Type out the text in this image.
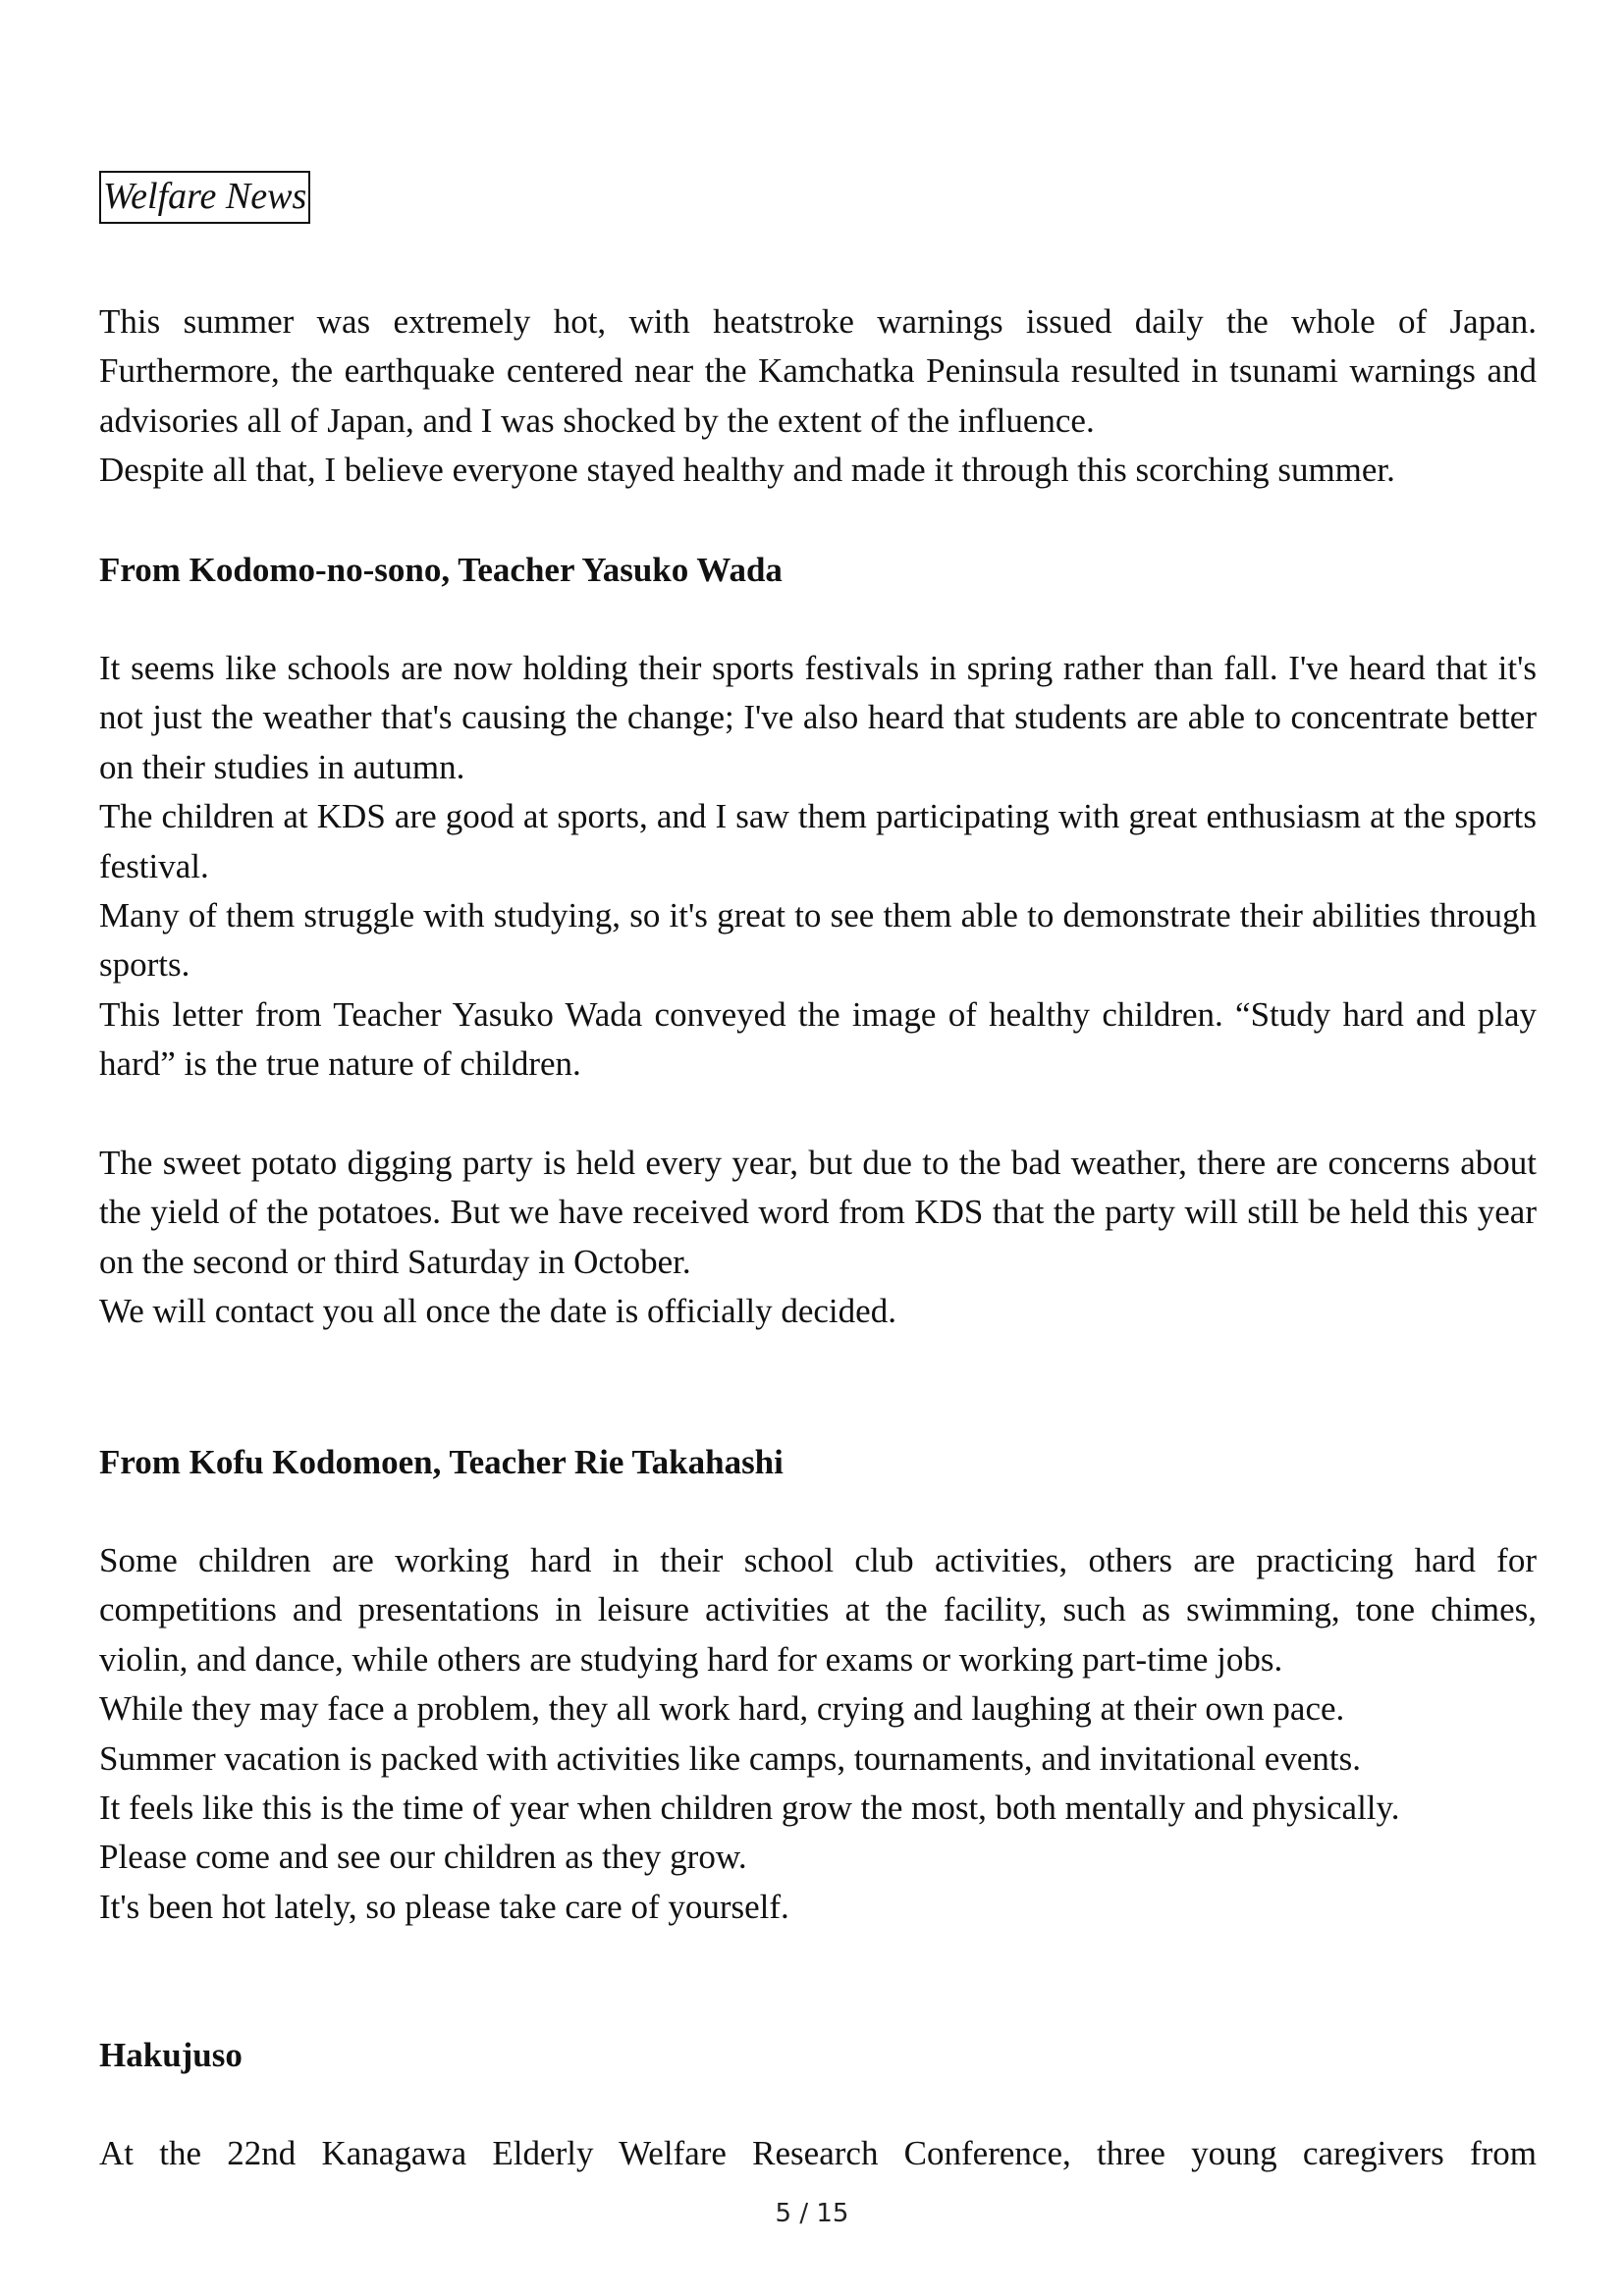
Welfare News

This summer was extremely hot, with heatstroke warnings issued daily the whole of Japan. Furthermore, the earthquake centered near the Kamchatka Peninsula resulted in tsunami warnings and advisories all of Japan, and I was shocked by the extent of the influence.

Despite all that, I believe everyone stayed healthy and made it through this scorching summer.

From Kodomo-no-sono, Teacher Yasuko Wada

It seems like schools are now holding their sports festivals in spring rather than fall. I've heard that it's not just the weather that's causing the change; I've also heard that students are able to concentrate better on their studies in autumn.

The children at KDS are good at sports, and I saw them participating with great enthusiasm at the sports festival.

Many of them struggle with studying, so it's great to see them able to demonstrate their abilities through sports.

This letter from Teacher Yasuko Wada conveyed the image of healthy children. “Study hard and play hard” is the true nature of children.

The sweet potato digging party is held every year, but due to the bad weather, there are concerns about the yield of the potatoes. But we have received word from KDS that the party will still be held this year on the second or third Saturday in October.

We will contact you all once the date is officially decided.

From Kofu Kodomoen, Teacher Rie Takahashi

Some children are working hard in their school club activities, others are practicing hard for competitions and presentations in leisure activities at the facility, such as swimming, tone chimes, violin, and dance, while others are studying hard for exams or working part-time jobs.

While they may face a problem, they all work hard, crying and laughing at their own pace.

Summer vacation is packed with activities like camps, tournaments, and invitational events.

It feels like this is the time of year when children grow the most, both mentally and physically.

Please come and see our children as they grow.

It's been hot lately, so please take care of yourself.

Hakujuso

At the 22nd Kanagawa Elderly Welfare Research Conference, three young caregivers from

5 / 15
